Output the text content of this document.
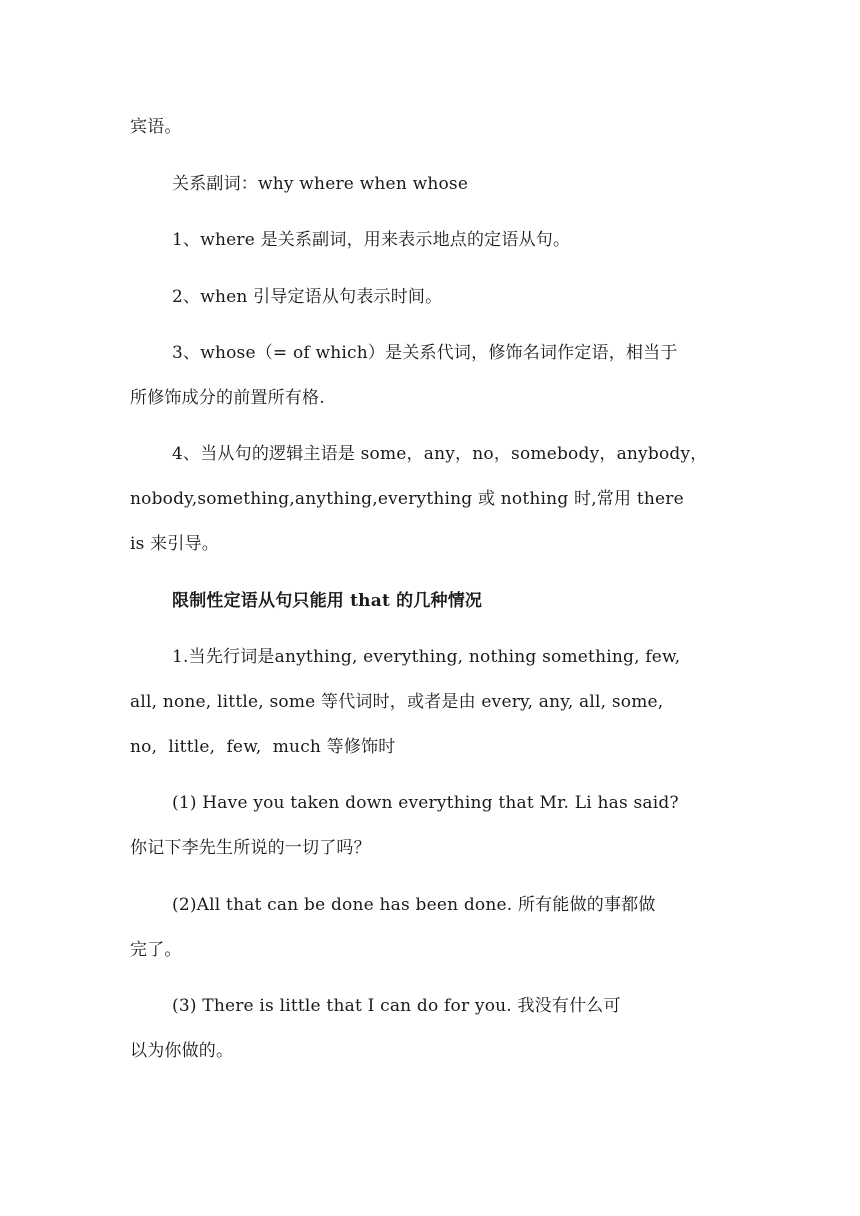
宾语。
关系副词：why where when whose
1、where 是关系副词，用来表示地点的定语从句。
2、when 引导定语从句表示时间。
3、whose（= of which）是关系代词，修饰名词作定语，相当于
所修饰成分的前置所有格.
4、当从句的逻辑主语是 some，any，no，somebody，anybody，
nobody,something,anything,everything 或 nothing 时,常用 there
is 来引导。
限制性定语从句只能用 that 的几种情况
1.当先行词是anything, everything, nothing something, few,
all, none, little, some 等代词时，或者是由 every, any, all, some,
no,  little,  few,  much 等修饰时
(1) Have you taken down everything that Mr. Li has said?
你记下李先生所说的一切了吗？
(2)All that can be done has been done. 所有能做的事都做
完了。
(3) There is little that I can do for you. 我没有什么可
以为你做的。
